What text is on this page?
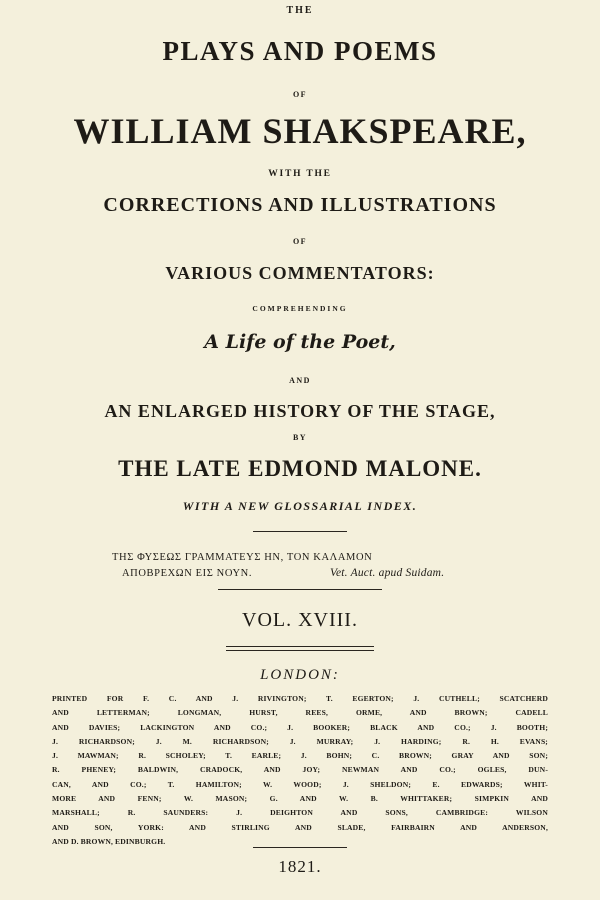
THE
PLAYS AND POEMS
OF
WILLIAM SHAKSPEARE,
WITH THE
CORRECTIONS AND ILLUSTRATIONS
OF
VARIOUS COMMENTATORS:
COMPREHENDING
A Life of the Poet,
AND
AN ENLARGED HISTORY OF THE STAGE,
BY
THE LATE EDMOND MALONE.
WITH A NEW GLOSSARIAL INDEX.
ΤΗΣ ΦΥΣΕΩΣ ΓΡΑΜΜΑΤΕΥΣ ΗΝ, ΤΟΝ ΚΑΛΑΜΟΝ
ΑΠΟΒΡΕΧΩΝ ΕΙΣ ΝΟΥΝ.	Vet. Auct. apud Suidam.
VOL. XVIII.
LONDON:
PRINTED FOR F. C. AND J. RIVINGTON; T. EGERTON; J. CUTHELL; SCATCHERD
AND LETTERMAN; LONGMAN, HURST, REES, ORME, AND BROWN; CADELL
AND DAVIES; LACKINGTON AND CO.; J. BOOKER; BLACK AND CO.; J. BOOTH;
J. RICHARDSON; J. M. RICHARDSON; J. MURRAY; J. HARDING; R. H. EVANS;
J. MAWMAN; R. SCHOLEY; T. EARLE; J. BOHN; C. BROWN; GRAY AND SON;
R. PHENEY; BALDWIN, CRADOCK, AND JOY; NEWMAN AND CO.; OGLES, DUN-
CAN, AND CO.; T. HAMILTON; W. WOOD; J. SHELDON; E. EDWARDS; WHIT-
MORE AND FENN; W. MASON; G. AND W. B. WHITTAKER; SIMPKIN AND
MARSHALL; R. SAUNDERS: J. DEIGHTON AND SONS, CAMBRIDGE: WILSON
AND SON, YORK: AND STIRLING AND SLADE, FAIRBAIRN AND ANDERSON,
AND D. BROWN, EDINBURGH.
1821.
